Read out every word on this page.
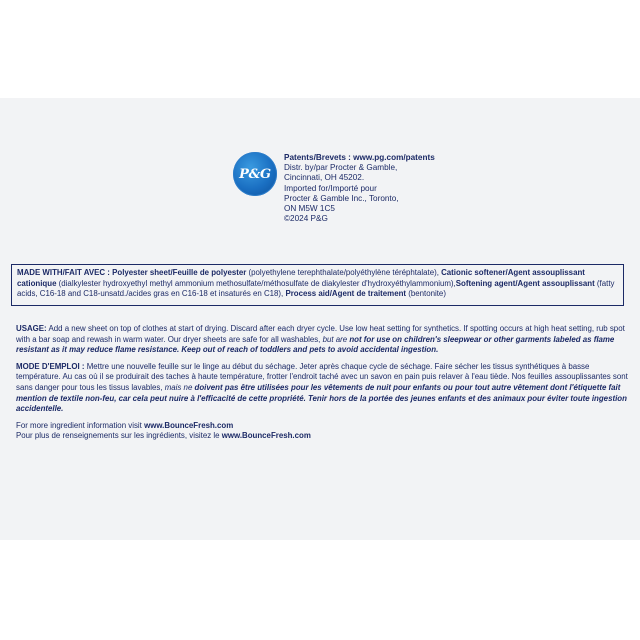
P&G
Patents/Brevets : www.pg.com/patents
Distr. by/par Procter & Gamble,
Cincinnati, OH 45202.
Imported for/Importé pour
Procter & Gamble Inc., Toronto,
ON M5W 1C5
©2024 P&G
MADE WITH/FAIT AVEC : Polyester sheet/Feuille de polyester (polyethylene terephthalate/polyéthylène téréphtalate), Cationic softener/Agent assouplissant cationique (dialkylester hydroxyethyl methyl ammonium methosulfate/méthosulfate de diakylester d'hydroxyéthylammonium),Softening agent/Agent assouplissant (fatty acids, C16-18 and C18-unsatd./acides gras en C16-18 et insaturés en C18), Process aid/Agent de traitement (bentonite)

USAGE: Add a new sheet on top of clothes at start of drying. Discard after each dryer cycle. Use low heat setting for synthetics. If spotting occurs at high heat setting, rub spot with a bar soap and rewash in warm water. Our dryer sheets are safe for all washables, but are not for use on children's sleepwear or other garments labeled as flame resistant as it may reduce flame resistance. Keep out of reach of toddlers and pets to avoid accidental ingestion.

MODE D'EMPLOI : Mettre une nouvelle feuille sur le linge au début du séchage. Jeter après chaque cycle de séchage. Faire sécher les tissus synthétiques à basse température. Au cas où il se produirait des taches à haute température, frotter l'endroit taché avec un savon en pain puis relaver à l'eau tiède. Nos feuilles assouplissantes sont sans danger pour tous les tissus lavables, mais ne doivent pas être utilisées pour les vêtements de nuit pour enfants ou pour tout autre vêtement dont l'étiquette fait mention de textile non-feu, car cela peut nuire à l'efficacité de cette propriété. Tenir hors de la portée des jeunes enfants et des animaux pour éviter toute ingestion accidentelle.

For more ingredient information visit www.BounceFresh.com
Pour plus de renseignements sur les ingrédients, visitez le www.BounceFresh.com
